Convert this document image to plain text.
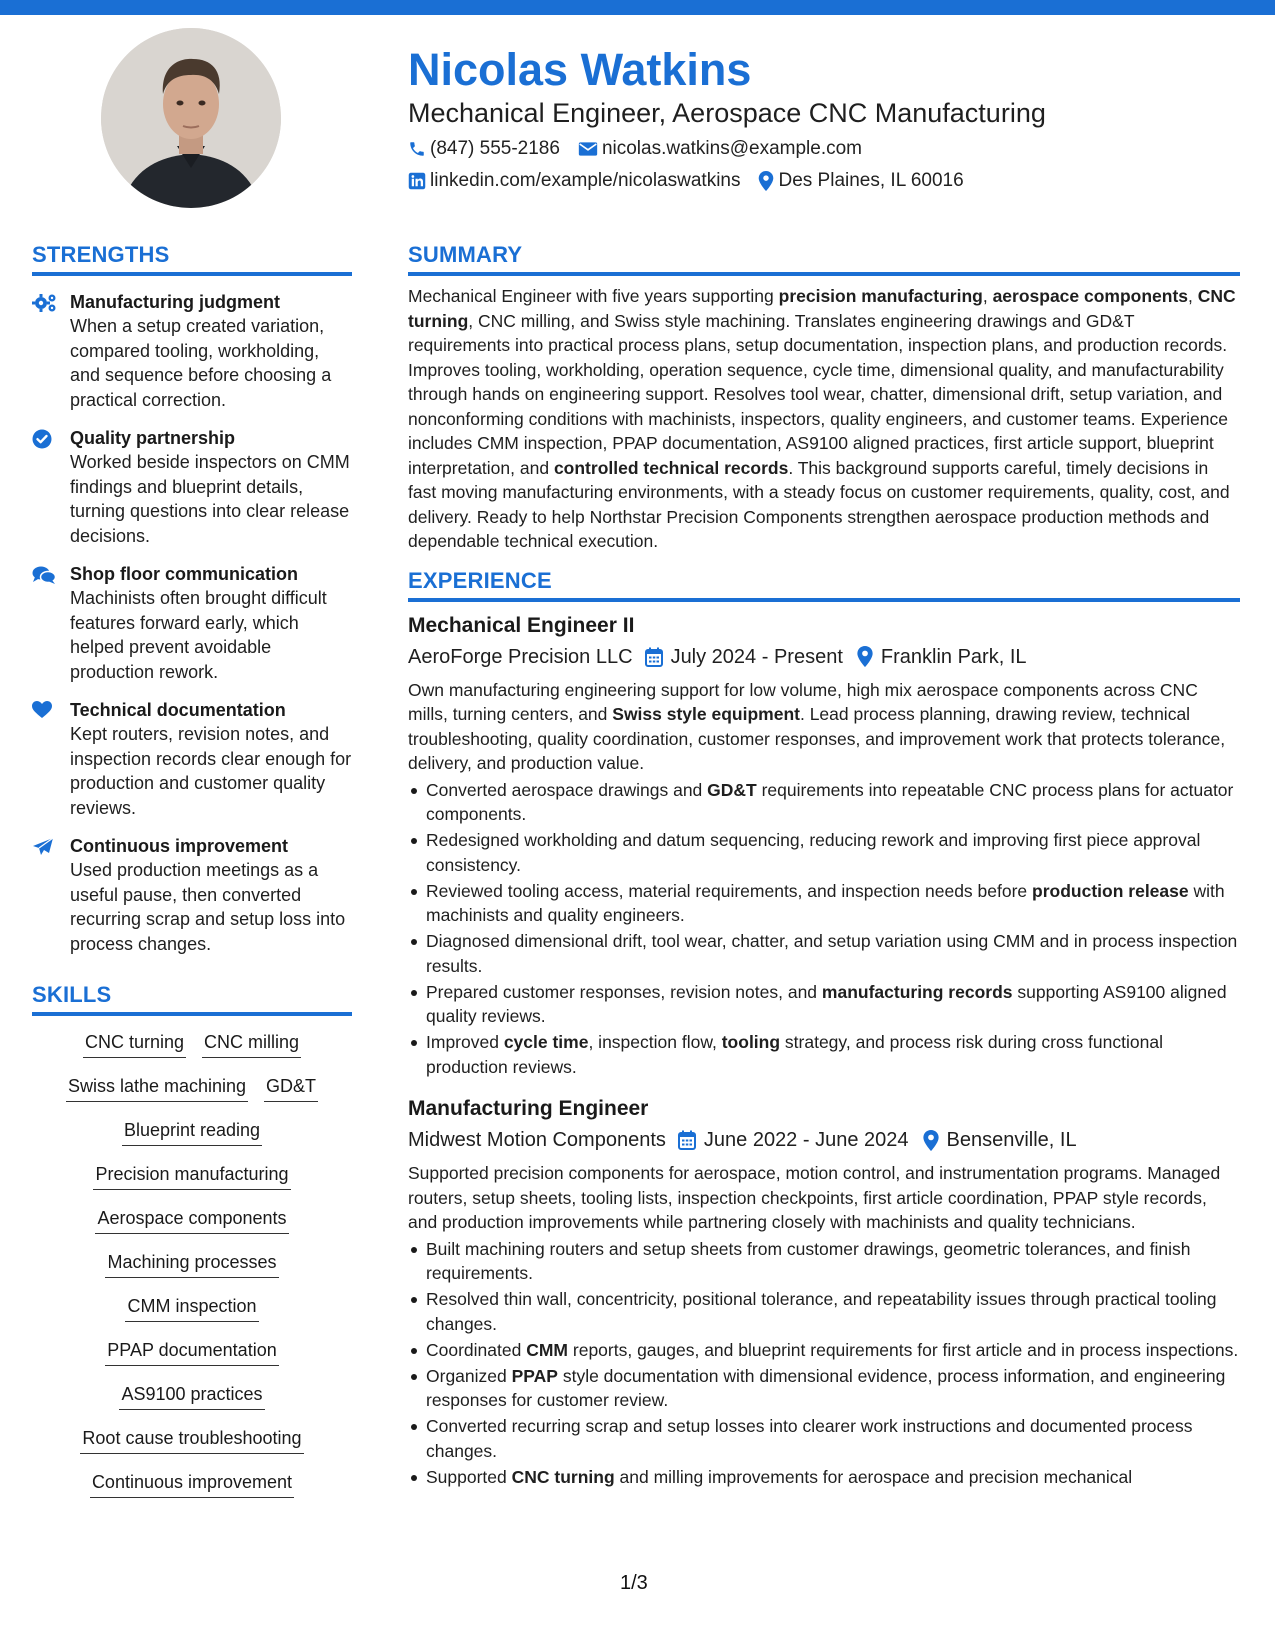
Nicolas Watkins
Mechanical Engineer, Aerospace CNC Manufacturing
(847) 555-2186 nicolas.watkins@example.com
linkedin.com/example/nicolaswatkins Des Plaines, IL 60016
STRENGTHS
Manufacturing judgment
When a setup created variation, compared tooling, workholding, and sequence before choosing a practical correction.
Quality partnership
Worked beside inspectors on CMM findings and blueprint details, turning questions into clear release decisions.
Shop floor communication
Machinists often brought difficult features forward early, which helped prevent avoidable production rework.
Technical documentation
Kept routers, revision notes, and inspection records clear enough for production and customer quality reviews.
Continuous improvement
Used production meetings as a useful pause, then converted recurring scrap and setup loss into process changes.
SKILLS
CNC turning CNC milling
Swiss lathe machining GD&T
Blueprint reading
Precision manufacturing
Aerospace components
Machining processes
CMM inspection
PPAP documentation
AS9100 practices
Root cause troubleshooting
Continuous improvement
SUMMARY
Mechanical Engineer with five years supporting precision manufacturing, aerospace components, CNC turning, CNC milling, and Swiss style machining. Translates engineering drawings and GD&T requirements into practical process plans, setup documentation, inspection plans, and production records. Improves tooling, workholding, operation sequence, cycle time, dimensional quality, and manufacturability through hands on engineering support. Resolves tool wear, chatter, dimensional drift, setup variation, and nonconforming conditions with machinists, inspectors, quality engineers, and customer teams. Experience includes CMM inspection, PPAP documentation, AS9100 aligned practices, first article support, blueprint interpretation, and controlled technical records. This background supports careful, timely decisions in fast moving manufacturing environments, with a steady focus on customer requirements, quality, cost, and delivery. Ready to help Northstar Precision Components strengthen aerospace production methods and dependable technical execution.
EXPERIENCE
Mechanical Engineer II
AeroForge Precision LLC July 2024 - Present Franklin Park, IL
Own manufacturing engineering support for low volume, high mix aerospace components across CNC mills, turning centers, and Swiss style equipment. Lead process planning, drawing review, technical troubleshooting, quality coordination, customer responses, and improvement work that protects tolerance, delivery, and production value.
Converted aerospace drawings and GD&T requirements into repeatable CNC process plans for actuator components.
Redesigned workholding and datum sequencing, reducing rework and improving first piece approval consistency.
Reviewed tooling access, material requirements, and inspection needs before production release with machinists and quality engineers.
Diagnosed dimensional drift, tool wear, chatter, and setup variation using CMM and in process inspection results.
Prepared customer responses, revision notes, and manufacturing records supporting AS9100 aligned quality reviews.
Improved cycle time, inspection flow, tooling strategy, and process risk during cross functional production reviews.
Manufacturing Engineer
Midwest Motion Components June 2022 - June 2024 Bensenville, IL
Supported precision components for aerospace, motion control, and instrumentation programs. Managed routers, setup sheets, tooling lists, inspection checkpoints, first article coordination, PPAP style records, and production improvements while partnering closely with machinists and quality technicians.
Built machining routers and setup sheets from customer drawings, geometric tolerances, and finish requirements.
Resolved thin wall, concentricity, positional tolerance, and repeatability issues through practical tooling changes.
Coordinated CMM reports, gauges, and blueprint requirements for first article and in process inspections.
Organized PPAP style documentation with dimensional evidence, process information, and engineering responses for customer review.
Converted recurring scrap and setup losses into clearer work instructions and documented process changes.
Supported CNC turning and milling improvements for aerospace and precision mechanical
1/3
